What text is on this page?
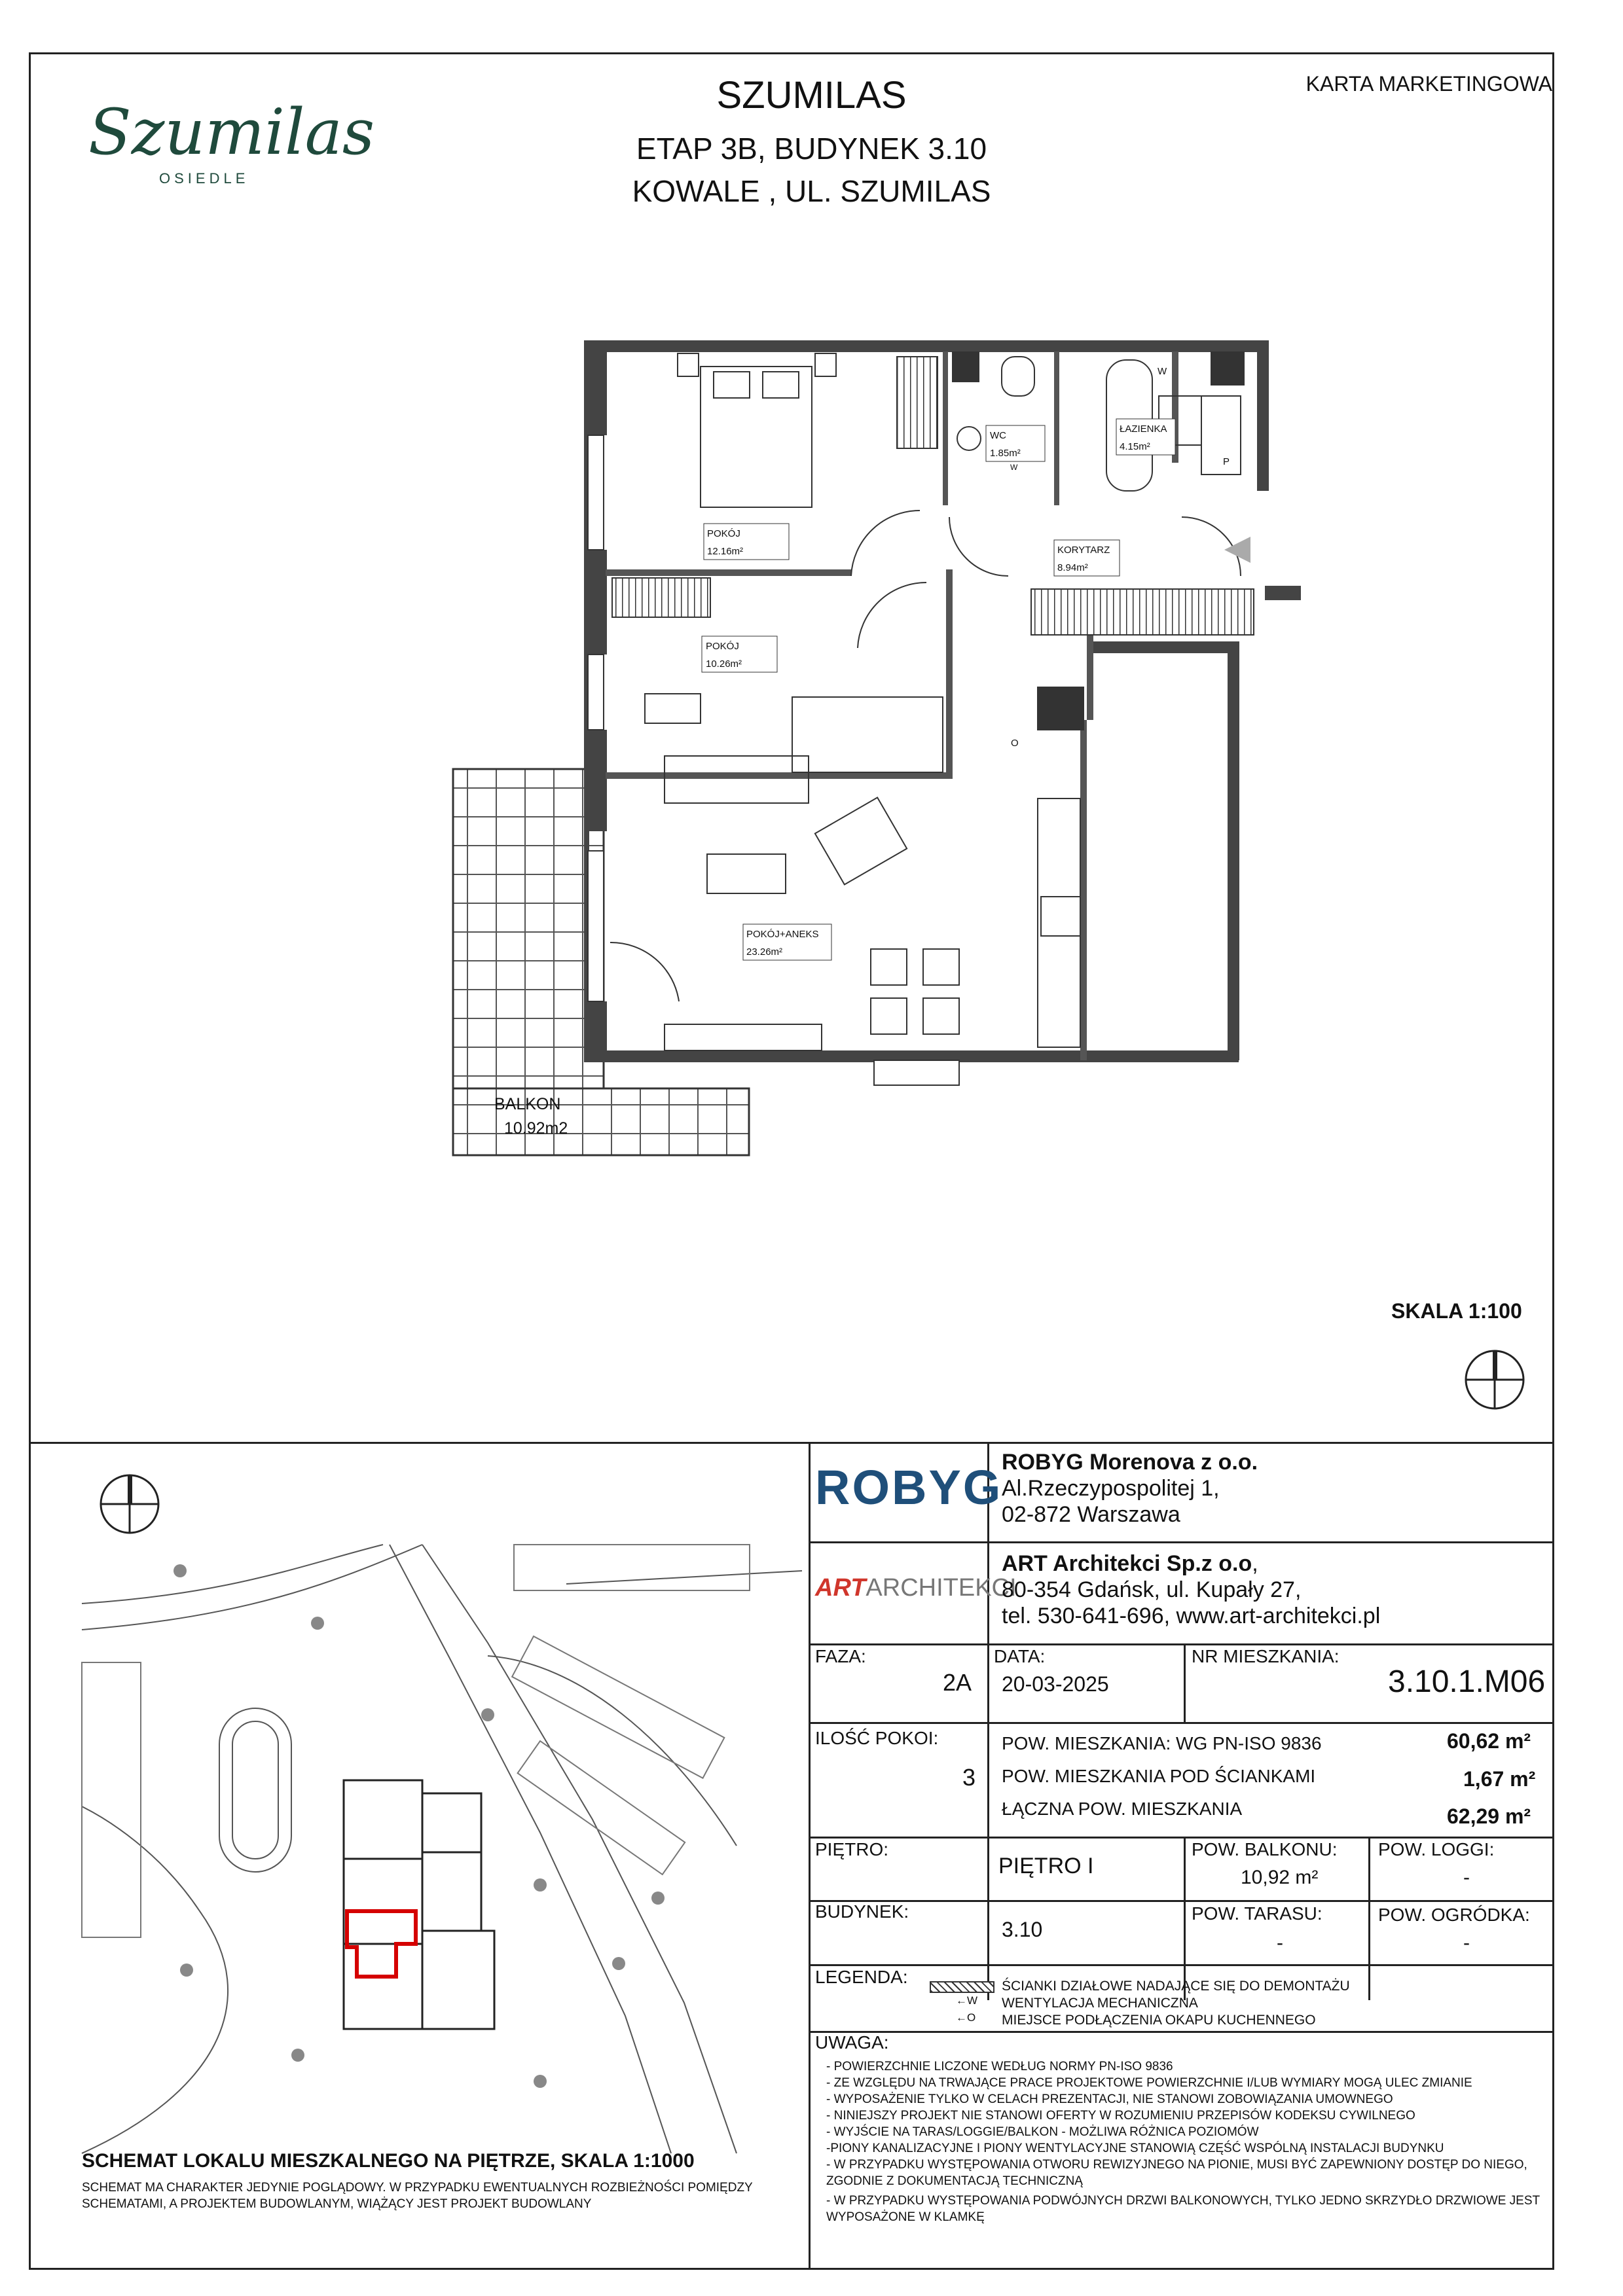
Szumilas
OSIEDLE
SZUMILAS
ETAP 3B, BUDYNEK 3.10
KOWALE , UL. SZUMILAS
KARTA MARKETINGOWA
POKÓJ
12.16m²
WC
1.85m²
ŁAZIENKA
4.15m²
KORYTARZ
8.94m²
POKÓJ
10.26m²
POKÓJ+ANEKS
23.26m²
W
W
O
P
BALKON
10.92m2
SKALA 1:100
SCHEMAT LOKALU MIESZKALNEGO NA PIĘTRZE, SKALA 1:1000
SCHEMAT MA CHARAKTER JEDYNIE POGLĄDOWY. W PRZYPADKU EWENTUALNYCH ROZBIEŻNOŚCI POMIĘDZY
SCHEMATAMI, A PROJEKTEM BUDOWLANYM, WIĄŻĄCY JEST PROJEKT BUDOWLANY
ROBYG
ROBYG Morenova z o.o.
Al.Rzeczypospolitej 1,
02-872 Warszawa
ARTARCHITEKCI
ART Architekci Sp.z o.o,
80-354 Gdańsk, ul. Kupały 27,
tel. 530-641-696, www.art-architekci.pl
FAZA:
2A
DATA:
20-03-2025
NR MIESZKANIA:
3.10.1.M06
ILOŚĆ POKOI:
3
POW. MIESZKANIA: WG PN-ISO 9836	60,62 m²
POW. MIESZKANIA POD ŚCIANKAMI	1,67 m²
ŁĄCZNA POW. MIESZKANIA	62,29 m²
PIĘTRO:
PIĘTRO I
POW. BALKONU:
10,92 m²
POW. LOGGI:
-
BUDYNEK:
3.10
POW. TARASU:
-
POW. OGRÓDKA:
-
LEGENDA:
←W
←O
ŚCIANKI DZIAŁOWE NADAJĄCE SIĘ DO DEMONTAŻU
WENTYLACJA MECHANICZNA
MIEJSCE PODŁĄCZENIA OKAPU KUCHENNEGO
UWAGA:
- POWIERZCHNIE LICZONE WEDŁUG NORMY PN-ISO 9836
- ZE WZGLĘDU NA TRWAJĄCE PRACE PROJEKTOWE POWIERZCHNIE I/LUB WYMIARY MOGĄ ULEC ZMIANIE
- WYPOSAŻENIE TYLKO W CELACH PREZENTACJI, NIE STANOWI ZOBOWIĄZANIA UMOWNEGO
- NINIEJSZY PROJEKT NIE STANOWI OFERTY W ROZUMIENIU PRZEPISÓW KODEKSU CYWILNEGO
- WYJŚCIE NA TARAS/LOGGIE/BALKON - MOŻLIWA RÓŻNICA POZIOMÓW
-PIONY KANALIZACYJNE I PIONY WENTYLACYJNE STANOWIĄ CZĘŚĆ WSPÓLNĄ INSTALACJI BUDYNKU
- W PRZYPADKU WYSTĘPOWANIA OTWORU REWIZYJNEGO NA PIONIE, MUSI BYĆ ZAPEWNIONY DOSTĘP DO NIEGO,
ZGODNIE Z DOKUMENTACJĄ TECHNICZNĄ
- W PRZYPADKU WYSTĘPOWANIA PODWÓJNYCH DRZWI BALKONOWYCH, TYLKO JEDNO SKRZYDŁO DRZWIOWE JEST
WYPOSAŻONE W KLAMKĘ
